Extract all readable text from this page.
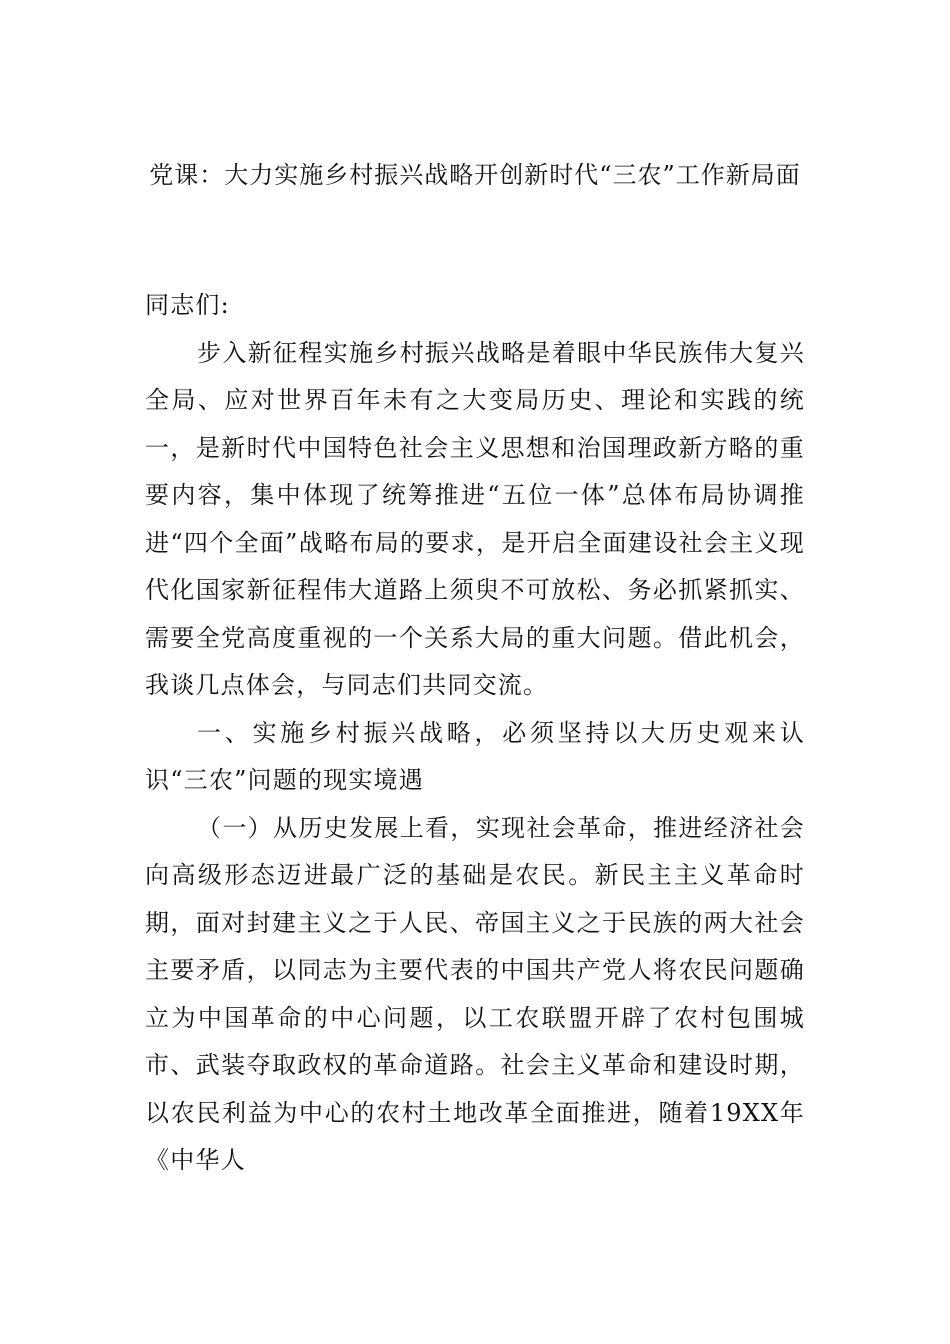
党课：大力实施乡村振兴战略开创新时代“三农”工作新局面

同志们:

步入新征程实施乡村振兴战略是着眼中华民族伟大复兴全局、应对世界百年未有之大变局历史、理论和实践的统一，是新时代中国特色社会主义思想和治国理政新方略的重要内容，集中体现了统筹推进“五位一体”总体布局协调推进“四个全面”战略布局的要求，是开启全面建设社会主义现代化国家新征程伟大道路上须臾不可放松、务必抓紧抓实、需要全党高度重视的一个关系大局的重大问题。借此机会，我谈几点体会，与同志们共同交流。

一、实施乡村振兴战略，必须坚持以大历史观来认识“三农”问题的现实境遇

（一）从历史发展上看，实现社会革命，推进经济社会向高级形态迈进最广泛的基础是农民。新民主主义革命时期，面对封建主义之于人民、帝国主义之于民族的两大社会主要矛盾，以同志为主要代表的中国共产党人将农民问题确立为中国革命的中心问题，以工农联盟开辟了农村包围城市、武装夺取政权的革命道路。社会主义革命和建设时期，以农民利益为中心的农村土地改革全面推进，随着19XX年《中华人
